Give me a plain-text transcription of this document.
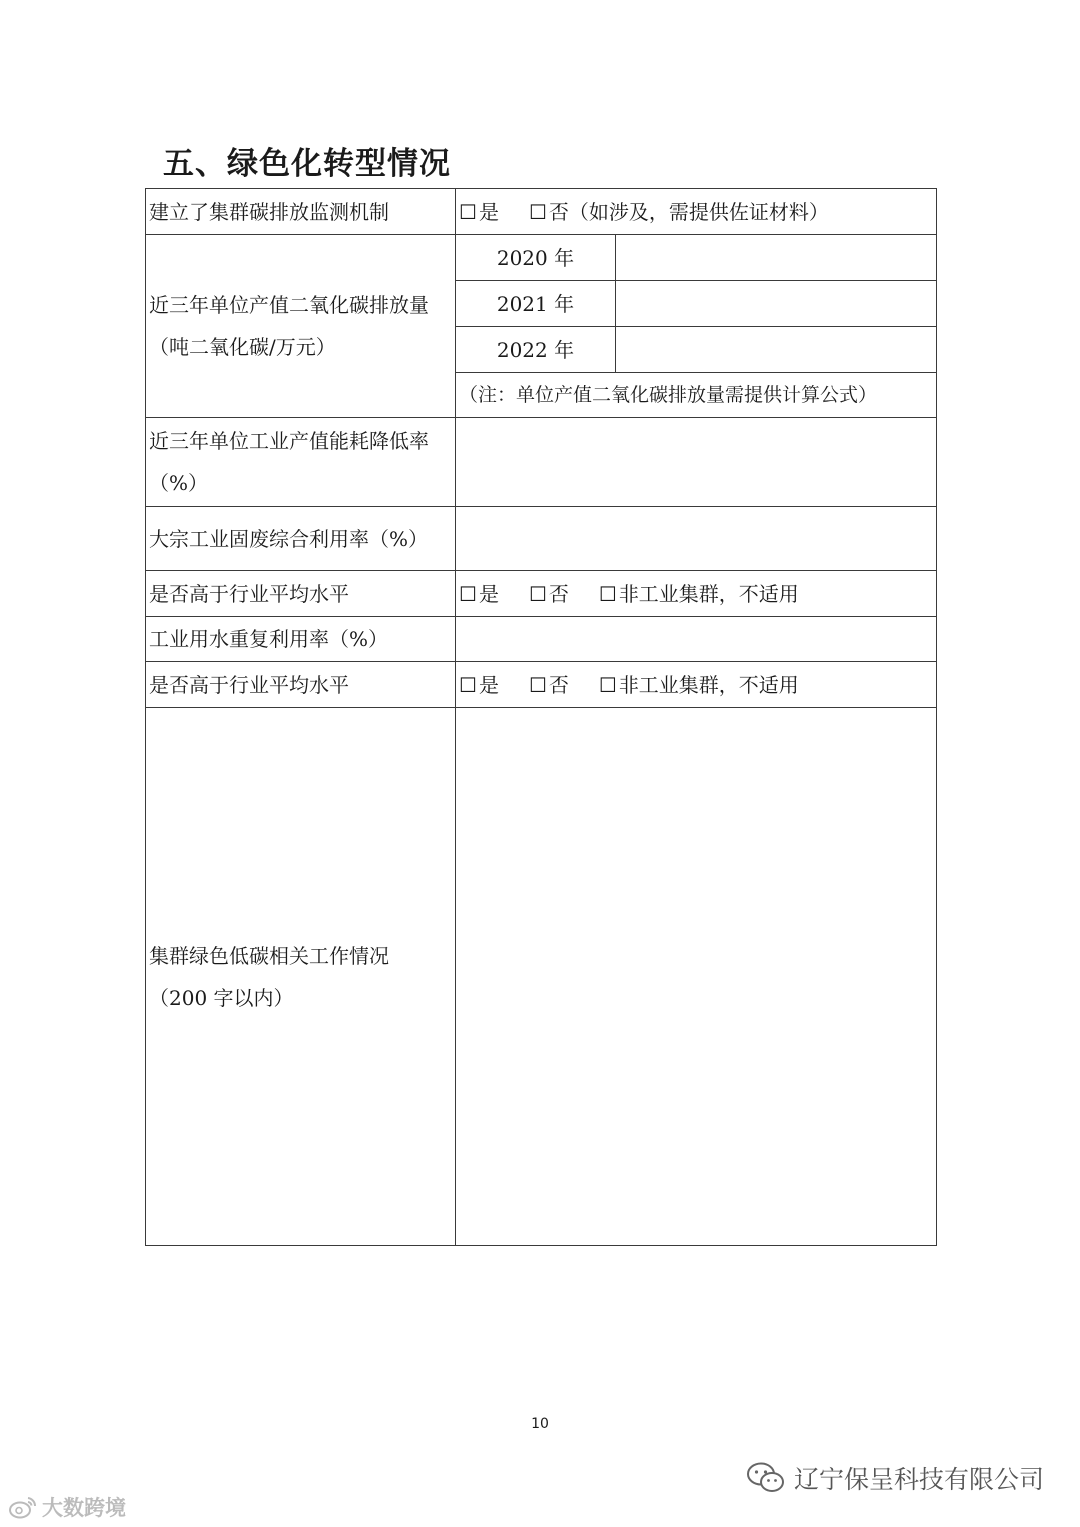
五、绿色化转型情况
建立了集群碳排放监测机制	☐ 是 ☐ 否（如涉及，需提供佐证材料）	

近三年单位产值二氧化碳排放量
（吨二氧化碳/万元）	2020 年	
	2021 年	
	2022 年	
	（注：单位产值二氧化碳排放量需提供计算公式）	

近三年单位工业产值能耗降低率
（%）		

大宗工业固废综合利用率（%）		
是否高于行业平均水平	☐ 是 ☐ 否 ☐ 非工业集群，不适用	
工业用水重复利用率（%）		
是否高于行业平均水平	☐ 是 ☐ 否 ☐ 非工业集群，不适用	

集群绿色低碳相关工作情况
（200 字以内）		

10
辽宁保呈科技有限公司
大数跨境
